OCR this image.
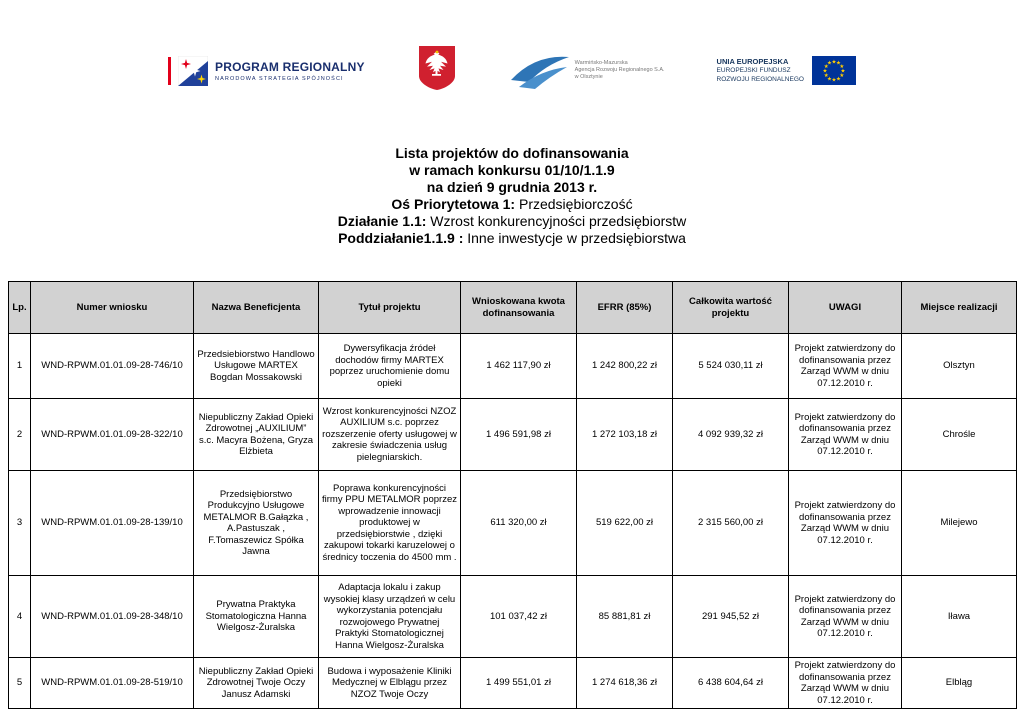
PROGRAM REGIONALNY
NARODOWA STRATEGIA SPÓJNOŚCI
Warmińsko-Mazurska
Agencja Rozwoju Regionalnego S.A.
w Olsztynie
UNIA EUROPEJSKA
EUROPEJSKI FUNDUSZ
ROZWOJU REGIONALNEGO
★ ★
★
★
★
★
★
★
★
★
★
★
Lista projektów do dofinansowania
w ramach konkursu 01/10/1.1.9
na dzień 9 grudnia 2013 r.
Oś Priorytetowa 1: Przedsiębiorczość
Działanie 1.1: Wzrost konkurencyjności przedsiębiorstw
Poddziałanie1.1.9 : Inne inwestycje w przedsiębiorstwa
Lp.	Numer wniosku	Nazwa Beneficjenta	Tytuł projektu	Wnioskowana kwota dofinansowania	EFRR (85%)	Całkowita wartość projektu	UWAGI	Miejsce realizacji
1	WND-RPWM.01.01.09-28-746/10	Przedsiebiorstwo Handlowo Usługowe MARTEX Bogdan Mossakowski	Dywersyfikacja źródeł dochodów firmy MARTEX poprzez uruchomienie domu opieki	1 462 117,90 zł	1 242 800,22 zł	5 524 030,11 zł	Projekt zatwierdzony do dofinansowania przez Zarząd WWM w dniu 07.12.2010 r.	Olsztyn
2	WND-RPWM.01.01.09-28-322/10	Niepubliczny Zakład Opieki Zdrowotnej „AUXILIUM” s.c. Macyra Bożena, Gryza Elżbieta	Wzrost konkurencyjności NZOZ AUXILIUM s.c. poprzez rozszerzenie oferty usługowej w zakresie świadczenia usług pielegniarskich.	1 496 591,98 zł	1 272 103,18 zł	4 092 939,32 zł	Projekt zatwierdzony do dofinansowania przez Zarząd WWM w dniu 07.12.2010 r.	Chrośle
3	WND-RPWM.01.01.09-28-139/10	Przedsiębiorstwo Produkcyjno Usługowe METALMOR B.Gałązka , A.Pastuszak , F.Tomaszewicz Spółka Jawna	Poprawa konkurencyjności firmy PPU METALMOR poprzez wprowadzenie innowacji produktowej w przedsiębiorstwie , dzięki zakupowi tokarki karuzelowej o średnicy toczenia do 4500 mm .	611 320,00 zł	519 622,00 zł	2 315 560,00 zł	Projekt zatwierdzony do dofinansowania przez Zarząd WWM w dniu 07.12.2010 r.	Milejewo
4	WND-RPWM.01.01.09-28-348/10	Prywatna Praktyka Stomatologiczna Hanna Wielgosz-Żuralska	Adaptacja lokalu i zakup wysokiej klasy urządzeń w celu wykorzystania potencjału rozwojowego Prywatnej Praktyki Stomatologicznej Hanna Wielgosz-Żuralska	101 037,42 zł	85 881,81 zł	291 945,52 zł	Projekt zatwierdzony do dofinansowania przez Zarząd WWM w dniu 07.12.2010 r.	Iława
5	WND-RPWM.01.01.09-28-519/10	Niepubliczny Zakład Opieki Zdrowotnej Twoje Oczy Janusz Adamski	Budowa i wyposażenie Kliniki Medycznej w Elblągu przez NZOZ Twoje Oczy	1 499 551,01 zł	1 274 618,36 zł	6 438 604,64 zł	Projekt zatwierdzony do dofinansowania przez Zarząd WWM w dniu 07.12.2010 r.	Elbląg
